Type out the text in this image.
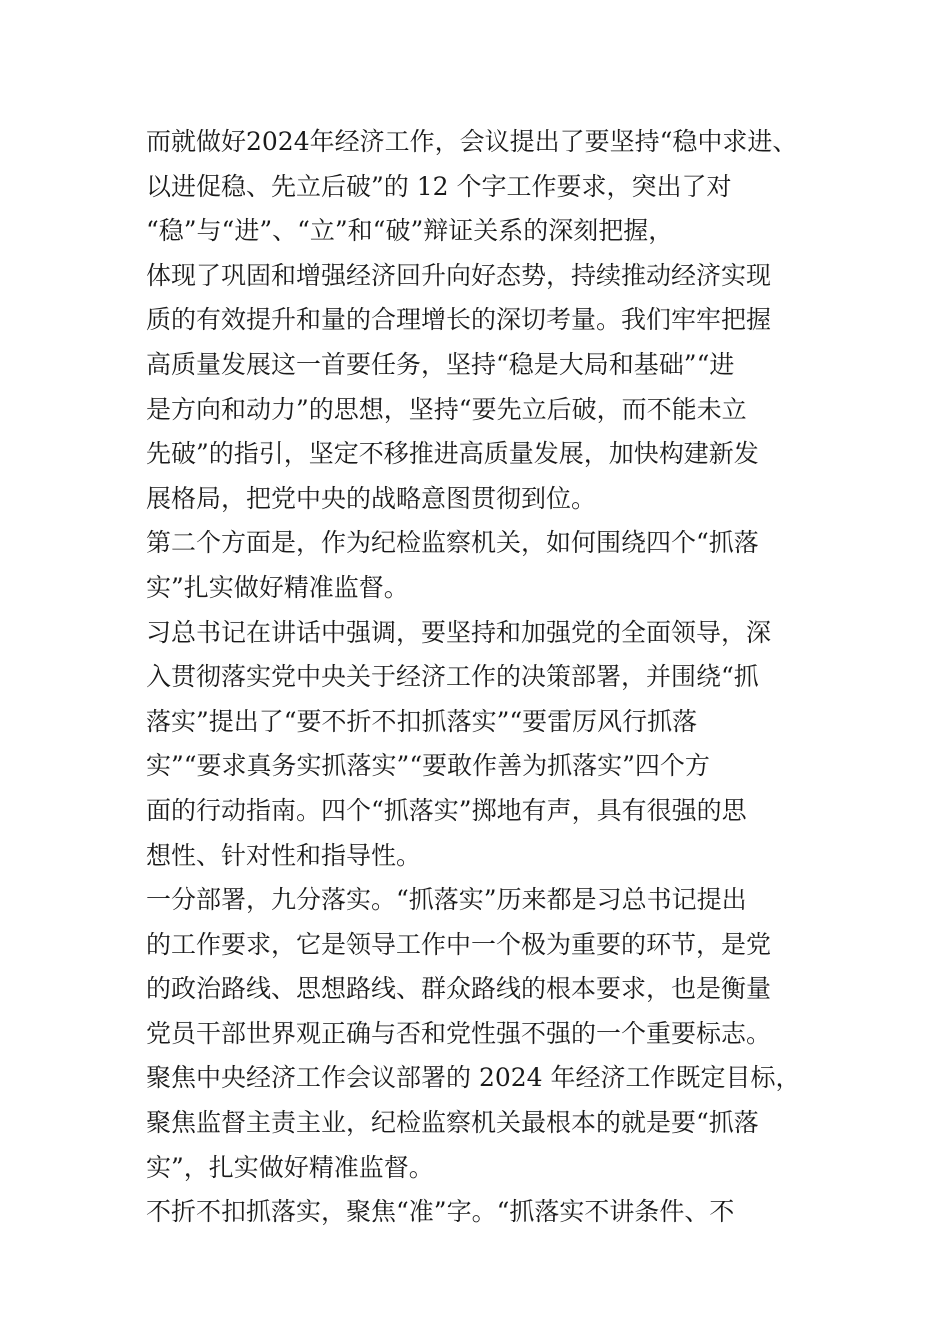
而就做好2024年经济工作，会议提出了要坚持“稳中求进、
以进促稳、先立后破”的 12 个字工作要求，突出了对
“稳”与“进”、“立”和“破”辩证关系的深刻把握，
体现了巩固和增强经济回升向好态势，持续推动经济实现
质的有效提升和量的合理增长的深切考量。我们牢牢把握
高质量发展这一首要任务，坚持“稳是大局和基础”“进
是方向和动力”的思想，坚持“要先立后破，而不能未立
先破”的指引，坚定不移推进高质量发展，加快构建新发
展格局，把党中央的战略意图贯彻到位。
第二个方面是，作为纪检监察机关，如何围绕四个“抓落
实”扎实做好精准监督。
习总书记在讲话中强调，要坚持和加强党的全面领导，深
入贯彻落实党中央关于经济工作的决策部署，并围绕“抓
落实”提出了“要不折不扣抓落实”“要雷厉风行抓落
实”“要求真务实抓落实”“要敢作善为抓落实”四个方
面的行动指南。四个“抓落实”掷地有声，具有很强的思
想性、针对性和指导性。
一分部署，九分落实。“抓落实”历来都是习总书记提出
的工作要求，它是领导工作中一个极为重要的环节，是党
的政治路线、思想路线、群众路线的根本要求，也是衡量
党员干部世界观正确与否和党性强不强的一个重要标志。
聚焦中央经济工作会议部署的 2024 年经济工作既定目标，
聚焦监督主责主业，纪检监察机关最根本的就是要“抓落
实”，扎实做好精准监督。
不折不扣抓落实，聚焦“准”字。“抓落实不讲条件、不
